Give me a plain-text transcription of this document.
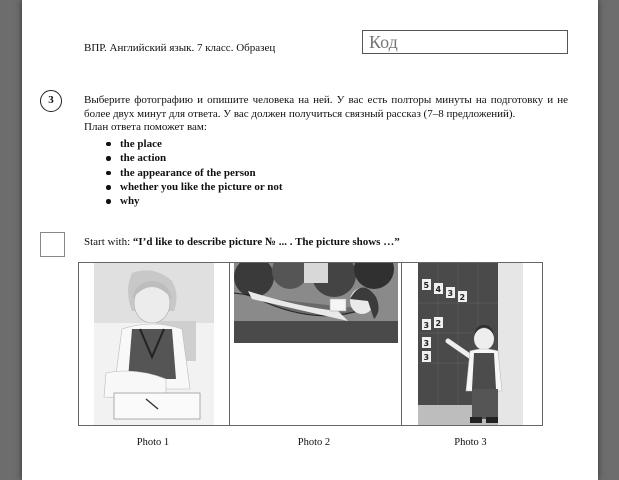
ВПР. Английский язык. 7 класс. Образец	Код
3	Выберите фотографию и опишите человека на ней. У вас есть полторы минуты на подготовку и не более двух минут для ответа. У вас должен получиться связный рассказ (7–8 предложений).

План ответа поможет вам:

the place
the action
the appearance of the person
whether you like the picture or not
why
Start with: “I’d like to describe picture № ... . The picture shows …”
5 4 3 2
3 2
3
3
Photo 1	Photo 2	Photo 3
